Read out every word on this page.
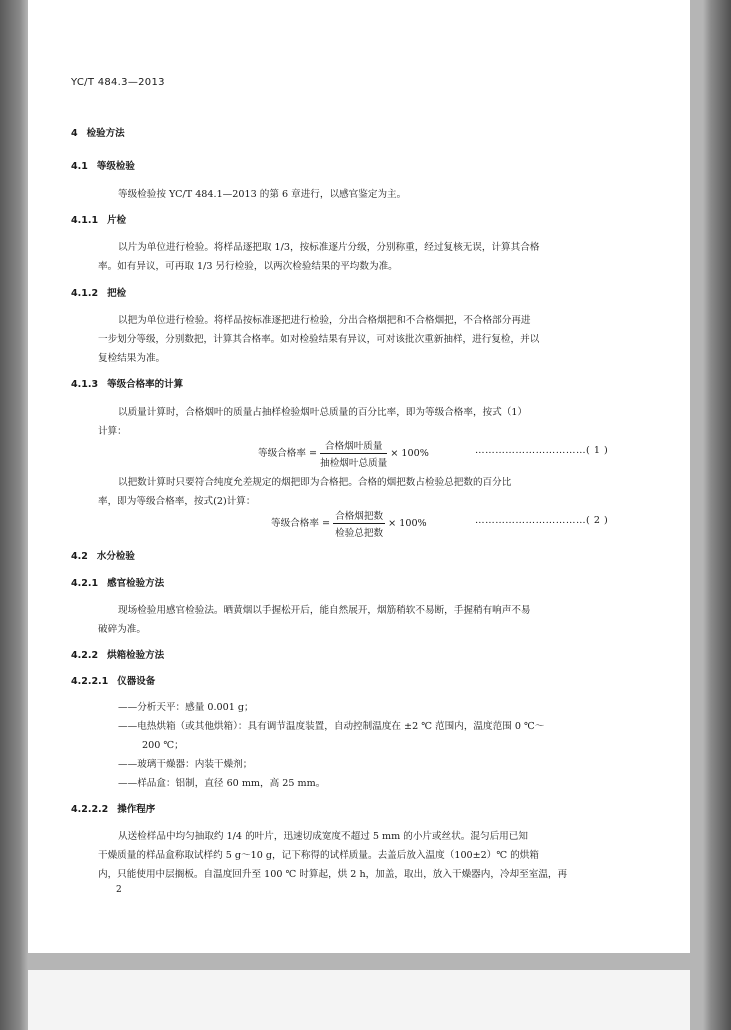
YC/T 484.3—2013
4 检验方法
4.1 等级检验
等级检验按 YC/T 484.1—2013 的第 6 章进行，以感官鉴定为主。
4.1.1 片检
以片为单位进行检验。将样品逐把取 1/3，按标准逐片分级，分别称重，经过复核无误，计算其合格
率。如有异议，可再取 1/3 另行检验，以两次检验结果的平均数为准。
4.1.2 把检
以把为单位进行检验。将样品按标准逐把进行检验，分出合格烟把和不合格烟把，不合格部分再进
一步划分等级，分别数把，计算其合格率。如对检验结果有异议，可对该批次重新抽样，进行复检，并以
复检结果为准。
4.1.3 等级合格率的计算
以质量计算时，合格烟叶的质量占抽样检验烟叶总质量的百分比率，即为等级合格率，按式（1）
计算：
等级合格率 = $\frac{\text{合格烟叶质量}}{\text{抽检烟叶总质量}} \times 100\%$	……………………………( 1 )
以把数计算时只要符合纯度允差规定的烟把即为合格把。合格的烟把数占检验总把数的百分比
率，即为等级合格率，按式(2)计算：
等级合格率 = $\frac{\text{合格烟把数}}{\text{检验总把数}} \times 100\%$	……………………………( 2 )
4.2 水分检验
4.2.1 感官检验方法
现场检验用感官检验法。晒黄烟以手握松开后，能自然展开，烟筋稍软不易断，手握稍有响声不易
破碎为准。
4.2.2 烘箱检验方法
4.2.2.1 仪器设备
——分析天平：感量 0.001 g；
——电热烘箱（或其他烘箱）：具有调节温度装置，自动控制温度在 ±2 ℃ 范围内，温度范围 0 ℃～
200 ℃；
——玻璃干燥器：内装干燥剂；
——样品盒：铝制，直径 60 mm，高 25 mm。
4.2.2.2 操作程序
从送检样品中均匀抽取约 1/4 的叶片，迅速切成宽度不超过 5 mm 的小片或丝状。混匀后用已知
干燥质量的样品盒称取试样约 5 g～10 g，记下称得的试样质量。去盖后放入温度（100±2）℃ 的烘箱
内，只能使用中层搁板。自温度回升至 100 ℃ 时算起，烘 2 h，加盖，取出，放入干燥器内，冷却至室温，再
2
